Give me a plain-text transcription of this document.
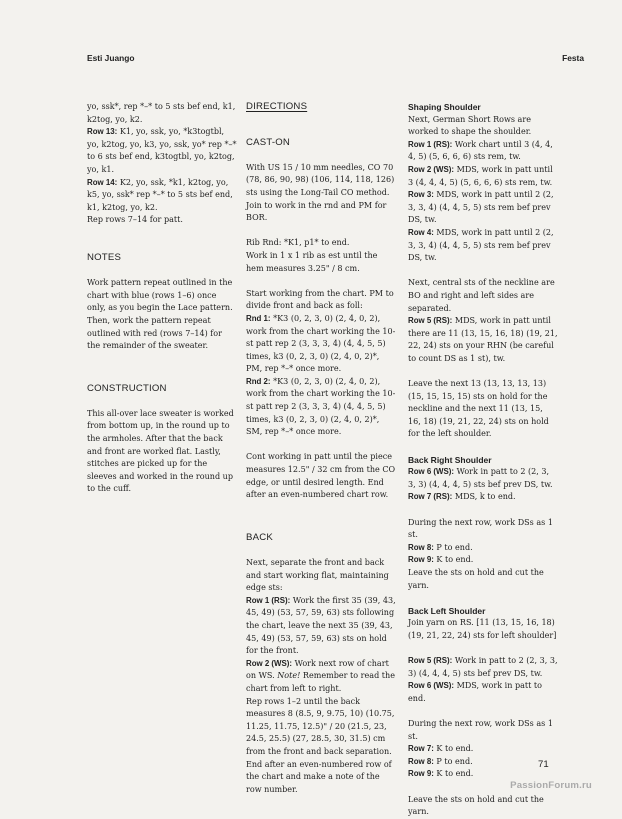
Esti Juango	Festa

yo, ssk*, rep *–* to 5 sts bef end, k1, k2tog, yo, k2.

Row 13: K1, yo, ssk, yo, *k3togtbl, yo, k2tog, yo, k3, yo, ssk, yo* rep *–* to 6 sts bef end, k3togtbl, yo, k2tog, yo, k1.

Row 14: K2, yo, ssk, *k1, k2tog, yo, k5, yo, ssk* rep *–* to 5 sts bef end, k1, k2tog, yo, k2.

Rep rows 7–14 for patt.

NOTES

Work pattern repeat outlined in the chart with blue (rows 1–6) once only, as you begin the Lace pattern. Then, work the pattern repeat outlined with red (rows 7–14) for the remainder of the sweater.

CONSTRUCTION

This all-over lace sweater is worked from bottom up, in the round up to the armholes. After that the back and front are worked flat. Lastly, stitches are picked up for the sleeves and worked in the round up to the cuff.

DIRECTIONS
CAST-ON

With US 15 / 10 mm needles, CO 70 (78, 86, 90, 98) (106, 114, 118, 126) sts using the Long-Tail CO method. Join to work in the rnd and PM for BOR.

Rib Rnd: *K1, p1* to end.

Work in 1 x 1 rib as est until the hem measures 3.25" / 8 cm.

Start working from the chart. PM to divide front and back as foll:

Rnd 1: *K3 (0, 2, 3, 0) (2, 4, 0, 2), work from the chart working the 10-st patt rep 2 (3, 3, 3, 4) (4, 4, 5, 5) times, k3 (0, 2, 3, 0) (2, 4, 0, 2)*, PM, rep *–* once more.

Rnd 2: *K3 (0, 2, 3, 0) (2, 4, 0, 2), work from the chart working the 10-st patt rep 2 (3, 3, 3, 4) (4, 4, 5, 5) times, k3 (0, 2, 3, 0) (2, 4, 0, 2)*, SM, rep *–* once more.

Cont working in patt until the piece measures 12.5" / 32 cm from the CO edge, or until desired length. End after an even-numbered chart row.

BACK

Next, separate the front and back and start working flat, maintaining edge sts:

Row 1 (RS): Work the first 35 (39, 43, 45, 49) (53, 57, 59, 63) sts following the chart, leave the next 35 (39, 43, 45, 49) (53, 57, 59, 63) sts on hold for the front.

Row 2 (WS): Work next row of chart on WS. Note! Remember to read the chart from left to right.

Rep rows 1–2 until the back measures 8 (8.5, 9, 9.75, 10) (10.75, 11.25, 11.75, 12.5)" / 20 (21.5, 23, 24.5, 25.5) (27, 28.5, 30, 31.5) cm from the front and back separation. End after an even-numbered row of the chart and make a note of the row number.

Shaping Shoulder

Next, German Short Rows are worked to shape the shoulder.

Row 1 (RS): Work chart until 3 (4, 4, 4, 5) (5, 6, 6, 6) sts rem, tw.

Row 2 (WS): MDS, work in patt until 3 (4, 4, 4, 5) (5, 6, 6, 6) sts rem, tw.

Row 3: MDS, work in patt until 2 (2, 3, 3, 4) (4, 4, 5, 5) sts rem bef prev DS, tw.

Row 4: MDS, work in patt until 2 (2, 3, 3, 4) (4, 4, 5, 5) sts rem bef prev DS, tw.

Next, central sts of the neckline are BO and right and left sides are separated.

Row 5 (RS): MDS, work in patt until there are 11 (13, 15, 16, 18) (19, 21, 22, 24) sts on your RHN (be careful to count DS as 1 st), tw.

Leave the next 13 (13, 13, 13, 13) (15, 15, 15, 15) sts on hold for the neckline and the next 11 (13, 15, 16, 18) (19, 21, 22, 24) sts on hold for the left shoulder.

Back Right Shoulder

Row 6 (WS): Work in patt to 2 (2, 3, 3, 3) (4, 4, 4, 5) sts bef prev DS, tw.

Row 7 (RS): MDS, k to end.

During the next row, work DSs as 1 st.

Row 8: P to end.

Row 9: K to end.

Leave the sts on hold and cut the yarn.

Back Left Shoulder

Join yarn on RS. [11 (13, 15, 16, 18) (19, 21, 22, 24) sts for left shoulder]

Row 5 (RS): Work in patt to 2 (2, 3, 3, 3) (4, 4, 4, 5) sts bef prev DS, tw.

Row 6 (WS): MDS, work in patt to end.

During the next row, work DSs as 1 st.

Row 7: K to end.

Row 8: P to end.

Row 9: K to end.

Leave the sts on hold and cut the yarn.

71
PassionForum.ru
